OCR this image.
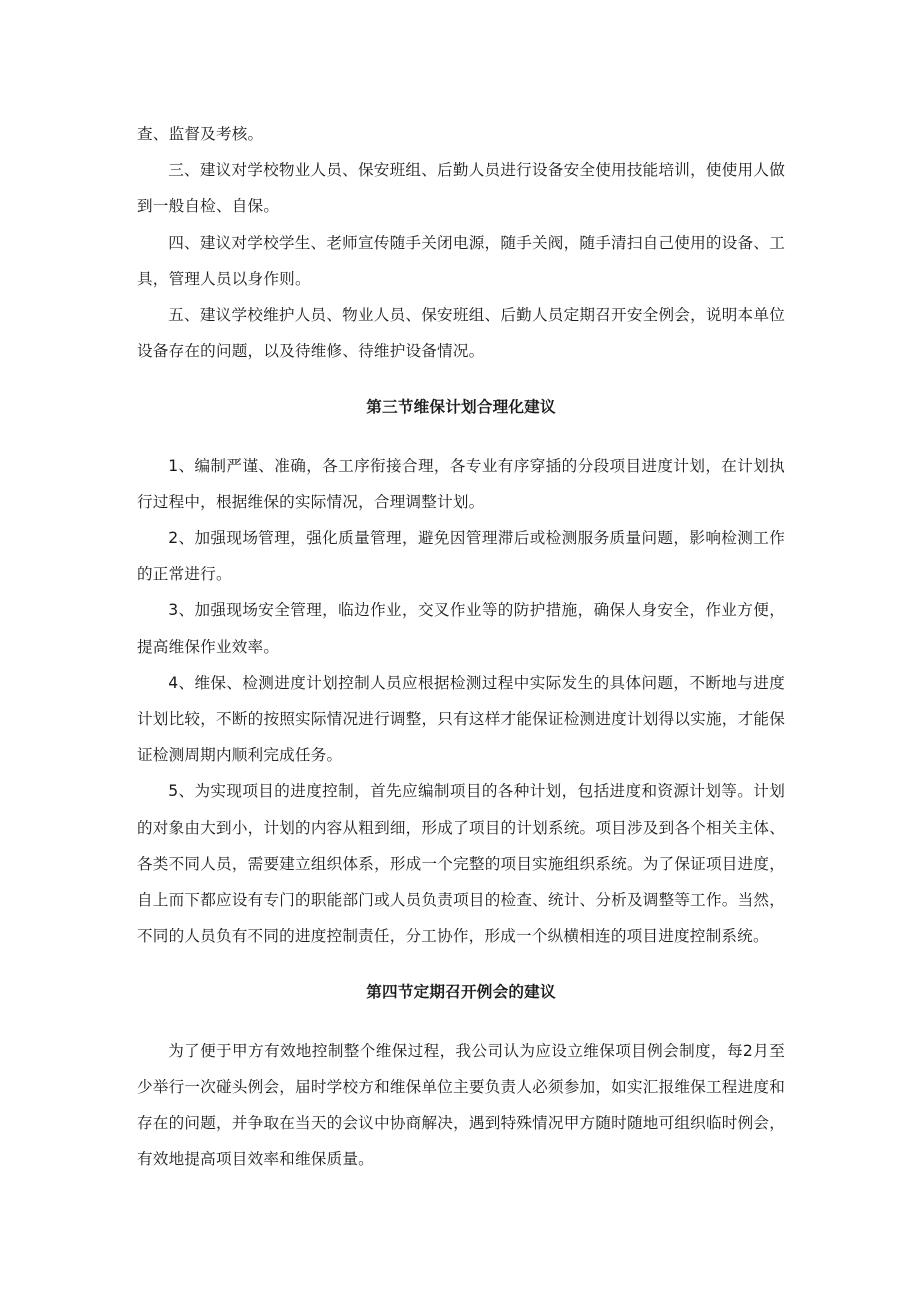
查、监督及考核。

三、建议对学校物业人员、保安班组、后勤人员进行设备安全使用技能培训，使使用人做到一般自检、自保。

四、建议对学校学生、老师宣传随手关闭电源，随手关阀，随手清扫自己使用的设备、工具，管理人员以身作则。

五、建议学校维护人员、物业人员、保安班组、后勤人员定期召开安全例会，说明本单位设备存在的问题，以及待维修、待维护设备情况。

第三节维保计划合理化建议

1、编制严谨、准确，各工序衔接合理，各专业有序穿插的分段项目进度计划，在计划执行过程中，根据维保的实际情况，合理调整计划。

2、加强现场管理，强化质量管理，避免因管理滞后或检测服务质量问题，影响检测工作的正常进行。

3、加强现场安全管理，临边作业，交叉作业等的防护措施，确保人身安全，作业方便，提高维保作业效率。

4、维保、检测进度计划控制人员应根据检测过程中实际发生的具体问题，不断地与进度计划比较，不断的按照实际情况进行调整，只有这样才能保证检测进度计划得以实施，才能保证检测周期内顺利完成任务。

5、为实现项目的进度控制，首先应编制项目的各种计划，包括进度和资源计划等。计划的对象由大到小，计划的内容从粗到细，形成了项目的计划系统。项目涉及到各个相关主体、各类不同人员，需要建立组织体系，形成一个完整的项目实施组织系统。为了保证项目进度，自上而下都应设有专门的职能部门或人员负责项目的检查、统计、分析及调整等工作。当然，不同的人员负有不同的进度控制责任，分工协作，形成一个纵横相连的项目进度控制系统。

第四节定期召开例会的建议

为了便于甲方有效地控制整个维保过程，我公司认为应设立维保项目例会制度，每2月至少举行一次碰头例会，届时学校方和维保单位主要负责人必须参加，如实汇报维保工程进度和存在的问题，并争取在当天的会议中协商解决，遇到特殊情况甲方随时随地可组织临时例会，有效地提高项目效率和维保质量。
